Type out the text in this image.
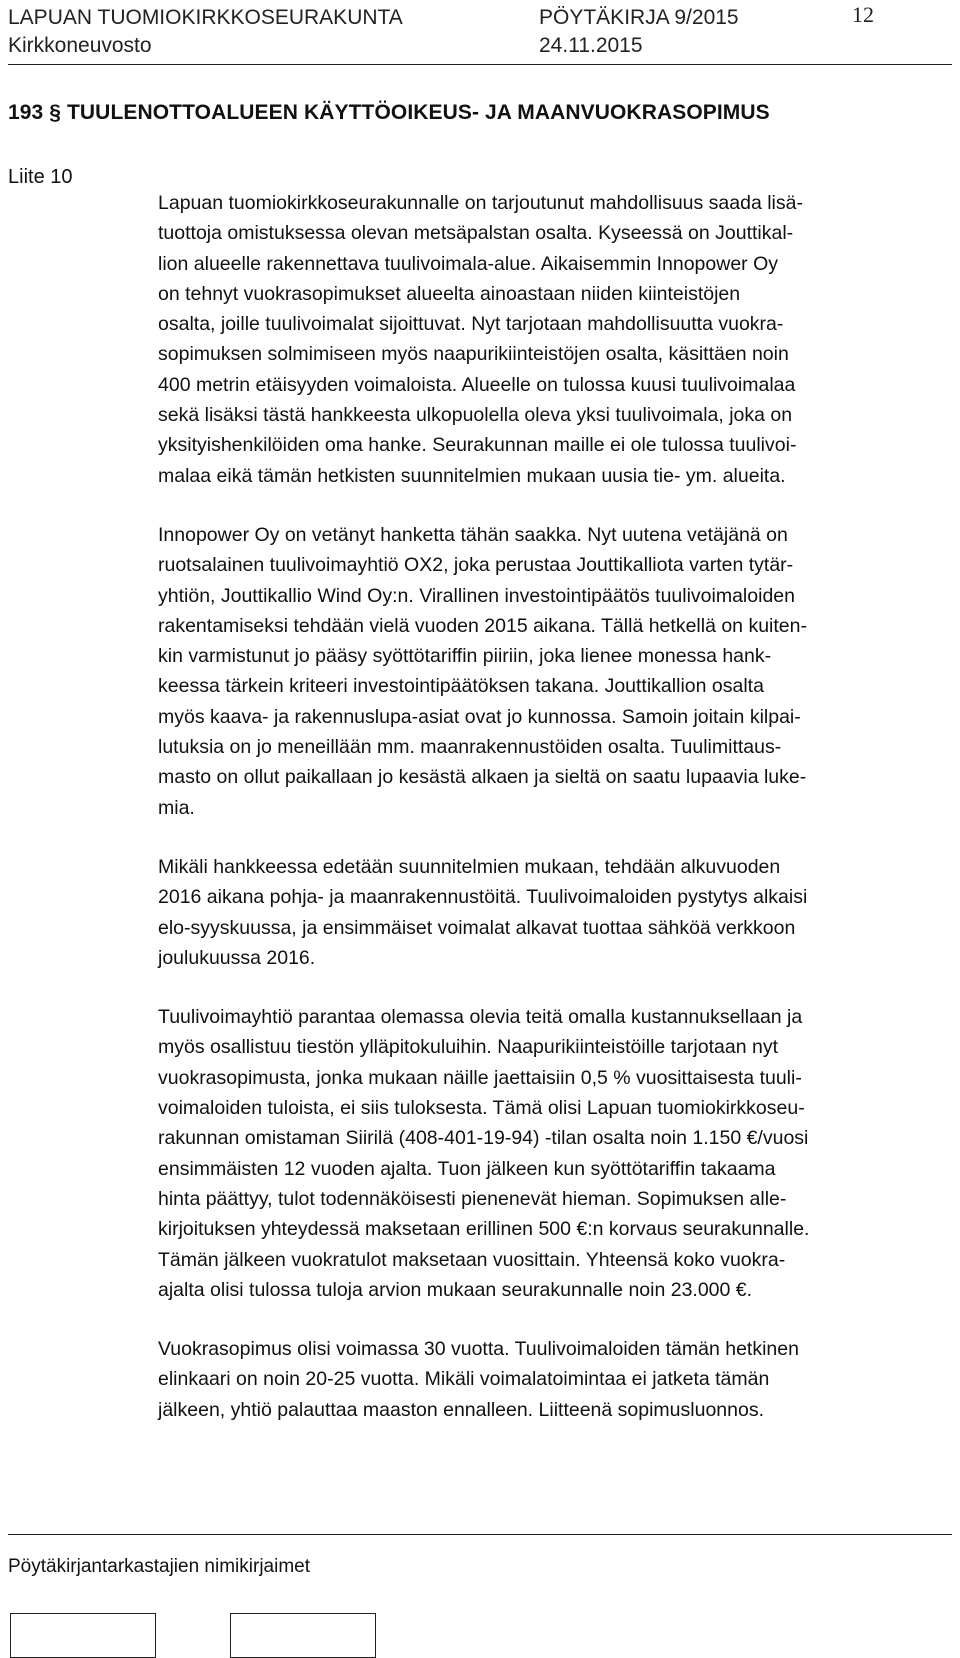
LAPUAN TUOMIOKIRKKOSEURAKUNTA	PÖYTÄKIRJA 9/2015	12
Kirkkoneuvosto	24.11.2015
193 § TUULENOTTOALUEEN KÄYTTÖOIKEUS- JA MAANVUOKRASOPIMUS
Liite 10

Lapuan tuomiokirkkoseurakunnalle on tarjoutunut mahdollisuus saada lisä-
tuottoja omistuksessa olevan metsäpalstan osalta. Kyseessä on Jouttikal-
lion alueelle rakennettava tuulivoimala-alue. Aikaisemmin Innopower Oy
on tehnyt vuokrasopimukset alueelta ainoastaan niiden kiinteistöjen
osalta, joille tuulivoimalat sijoittuvat. Nyt tarjotaan mahdollisuutta vuokra-
sopimuksen solmimiseen myös naapurikiinteistöjen osalta, käsittäen noin
400 metrin etäisyyden voimaloista. Alueelle on tulossa kuusi tuulivoimalaa
sekä lisäksi tästä hankkeesta ulkopuolella oleva yksi tuulivoimala, joka on
yksityishenkilöiden oma hanke. Seurakunnan maille ei ole tulossa tuulivoi-
malaa eikä tämän hetkisten suunnitelmien mukaan uusia tie- ym. alueita.

Innopower Oy on vetänyt hanketta tähän saakka. Nyt uutena vetäjänä on
ruotsalainen tuulivoimayhtiö OX2, joka perustaa Jouttikalliota varten tytär-
yhtiön, Jouttikallio Wind Oy:n. Virallinen investointipäätös tuulivoimaloiden
rakentamiseksi tehdään vielä vuoden 2015 aikana. Tällä hetkellä on kuiten-
kin varmistunut jo pääsy syöttötariffin piiriin, joka lienee monessa hank-
keessa tärkein kriteeri investointipäätöksen takana. Jouttikallion osalta
myös kaava- ja rakennuslupa-asiat ovat jo kunnossa. Samoin joitain kilpai-
lutuksia on jo meneillään mm. maanrakennustöiden osalta. Tuulimittaus-
masto on ollut paikallaan jo kesästä alkaen ja sieltä on saatu lupaavia luke-
mia.

Mikäli hankkeessa edetään suunnitelmien mukaan, tehdään alkuvuoden
2016 aikana pohja- ja maanrakennustöitä. Tuulivoimaloiden pystytys alkaisi
elo-syyskuussa, ja ensimmäiset voimalat alkavat tuottaa sähköä verkkoon
joulukuussa 2016.

Tuulivoimayhtiö parantaa olemassa olevia teitä omalla kustannuksellaan ja
myös osallistuu tiestön ylläpitokuluihin. Naapurikiinteistöille tarjotaan nyt
vuokrasopimusta, jonka mukaan näille jaettaisiin 0,5 % vuosittaisesta tuuli-
voimaloiden tuloista, ei siis tuloksesta. Tämä olisi Lapuan tuomiokirkkoseu-
rakunnan omistaman Siirilä (408-401-19-94) -tilan osalta noin 1.150 €/vuosi
ensimmäisten 12 vuoden ajalta. Tuon jälkeen kun syöttötariffin takaama
hinta päättyy, tulot todennäköisesti pienenevät hieman. Sopimuksen alle-
kirjoituksen yhteydessä maksetaan erillinen 500 €:n korvaus seurakunnalle.
Tämän jälkeen vuokratulot maksetaan vuosittain. Yhteensä koko vuokra-
ajalta olisi tulossa tuloja arvion mukaan seurakunnalle noin 23.000 €.

Vuokrasopimus olisi voimassa 30 vuotta. Tuulivoimaloiden tämän hetkinen
elinkaari on noin 20-25 vuotta. Mikäli voimalatoimintaa ei jatketa tämän
jälkeen, yhtiö palauttaa maaston ennalleen. Liitteenä sopimusluonnos.

Pöytäkirjantarkastajien nimikirjaimet
